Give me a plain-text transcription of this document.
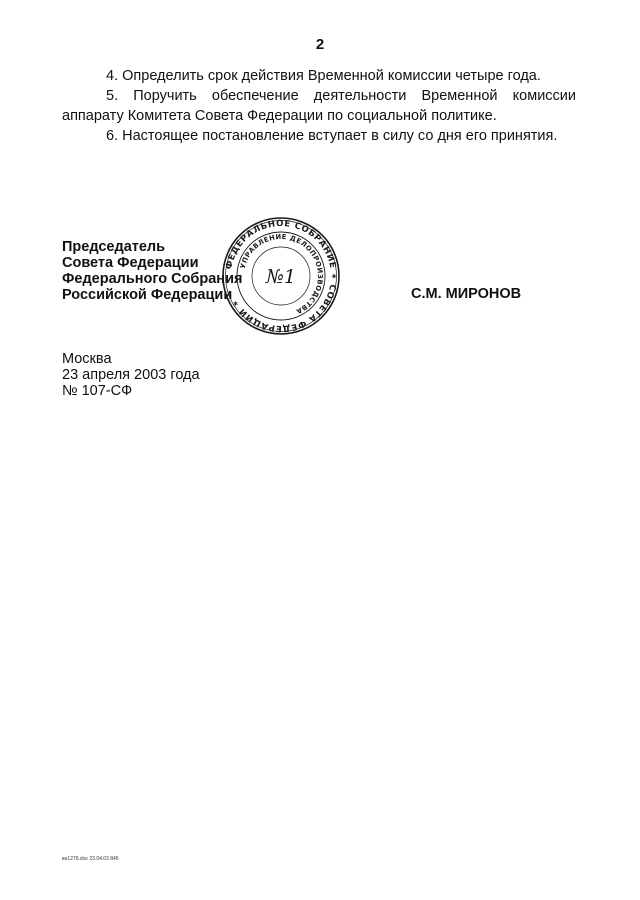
2

4. Определить срок действия Временной комиссии четыре года.

5. Поручить обеспечение деятельности Временной комиссии аппарату Комитета Совета Федерации по социальной политике.

6. Настоящее постановление вступает в силу со дня его принятия.

Председатель
Совета Федерации
Федерального Собрания
Российской Федерации
ФЕДЕРАЛЬНОЕ СОБРАНИЕ ✶ СОВЕТА ФЕДЕРАЦИИ ✶
УПРАВЛЕНИЕ ДЕЛОПРОИЗВОДСТВА
№1
С.М. МИРОНОВ
Москва
23 апреля 2003 года
№ 107-СФ
вн1279.doc 23.04.03 845
